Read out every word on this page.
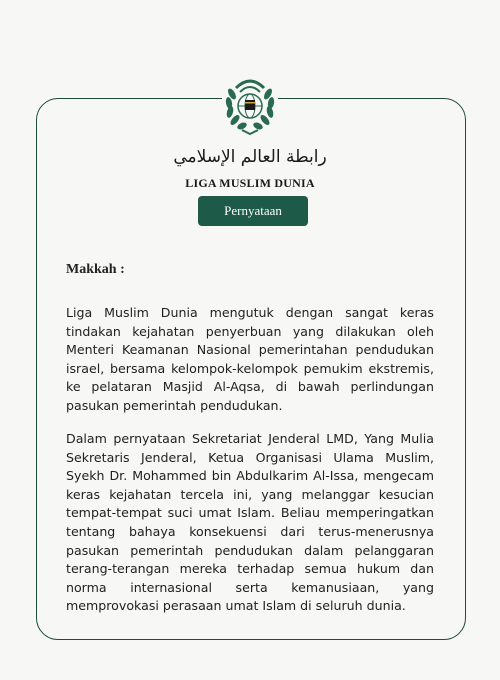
رابطة العالم الإسلامي
LIGA MUSLIM DUNIA
Pernyataan
Makkah :

Liga Muslim Dunia mengutuk dengan sangat keras tindakan kejahatan penyerbuan yang dilakukan oleh Menteri Keamanan Nasional pemerintahan pendudukan israel, bersama kelompok-kelompok pemukim ekstremis, ke pelataran Masjid Al-Aqsa, di bawah perlindungan pasukan pemerintah pendudukan.

Dalam pernyataan Sekretariat Jenderal LMD, Yang Mulia Sekretaris Jenderal, Ketua Organisasi Ulama Muslim, Syekh Dr. Mohammed bin Abdulkarim Al-Issa, mengecam keras kejahatan tercela ini, yang melanggar kesucian tempat-tempat suci umat Islam. Beliau memperingatkan tentang bahaya konsekuensi dari terus-menerusnya pasukan pemerintah pendudukan dalam pelanggaran terang-terangan mereka terhadap semua hukum dan norma internasional serta kemanusiaan, yang memprovokasi perasaan umat Islam di seluruh dunia.
